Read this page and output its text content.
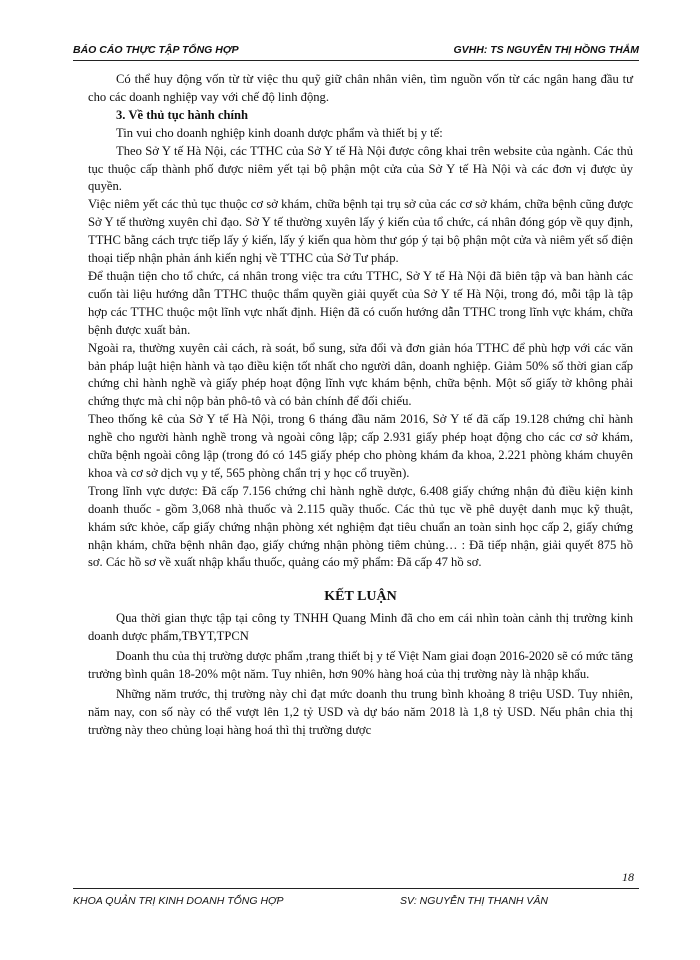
BÁO CÁO THỰC TẬP TỔNG HỢP	GVHH: TS NGUYỄN THỊ HỒNG THẮM

Có thể huy động vốn từ từ việc thu quỹ giữ chân nhân viên, tìm nguồn vốn từ các ngân hang đầu tư cho các doanh nghiệp vay với chế độ linh động.

3. Về thủ tục hành chính

Tin vui cho doanh nghiệp kinh doanh dược phẩm và thiết bị y tế:

Theo Sở Y tế Hà Nội, các TTHC của Sở Y tế Hà Nội được công khai trên website của ngành. Các thủ tục thuộc cấp thành phố được niêm yết tại bộ phận một cửa của Sở Y tế Hà Nội và các đơn vị được ủy quyền.

Việc niêm yết các thủ tục thuộc cơ sở khám, chữa bệnh tại trụ sở của các cơ sở khám, chữa bệnh cũng được Sở Y tế thường xuyên chỉ đạo. Sở Y tế thường xuyên lấy ý kiến của tổ chức, cá nhân đóng góp về quy định, TTHC bằng cách trực tiếp lấy ý kiến, lấy ý kiến qua hòm thư góp ý tại bộ phận một cửa và niêm yết số điện thoại tiếp nhận phản ánh kiến nghị về TTHC của Sở Tư pháp.

Để thuận tiện cho tổ chức, cá nhân trong việc tra cứu TTHC, Sở Y tế Hà Nội đã biên tập và ban hành các cuốn tài liệu hướng dẫn TTHC thuộc thẩm quyền giải quyết của Sở Y tế Hà Nội, trong đó, mỗi tập là tập hợp các TTHC thuộc một lĩnh vực nhất định. Hiện đã có cuốn hướng dẫn TTHC trong lĩnh vực khám, chữa bệnh được xuất bản.

Ngoài ra, thường xuyên cải cách, rà soát, bổ sung, sửa đổi và đơn giản hóa TTHC để phù hợp với các văn bản pháp luật hiện hành và tạo điều kiện tốt nhất cho người dân, doanh nghiệp. Giảm 50% số thời gian cấp chứng chỉ hành nghề và giấy phép hoạt động lĩnh vực khám bệnh, chữa bệnh. Một số giấy tờ không phải chứng thực mà chỉ nộp bản phô-tô và có bản chính để đối chiếu.

Theo thống kê của Sở Y tế Hà Nội, trong 6 tháng đầu năm 2016, Sở Y tế đã cấp 19.128 chứng chỉ hành nghề cho người hành nghề trong và ngoài công lập; cấp 2.931 giấy phép hoạt động cho các cơ sở khám, chữa bệnh ngoài công lập (trong đó có 145 giấy phép cho phòng khám đa khoa, 2.221 phòng khám chuyên khoa và cơ sở dịch vụ y tế, 565 phòng chẩn trị y học cổ truyền).

Trong lĩnh vực dược: Đã cấp 7.156 chứng chỉ hành nghề dược, 6.408 giấy chứng nhận đủ điều kiện kinh doanh thuốc - gồm 3,068 nhà thuốc và 2.115 quầy thuốc. Các thủ tục về phê duyệt danh mục kỹ thuật, khám sức khỏe, cấp giấy chứng nhận phòng xét nghiệm đạt tiêu chuẩn an toàn sinh học cấp 2, giấy chứng nhận khám, chữa bệnh nhân đạo, giấy chứng nhận phòng tiêm chủng… : Đã tiếp nhận, giải quyết 875 hồ sơ. Các hồ sơ về xuất nhập khẩu thuốc, quảng cáo mỹ phẩm: Đã cấp 47 hồ sơ.

KẾT LUẬN

Qua thời gian thực tập tại công ty TNHH Quang Minh đã cho em cái nhìn toàn cảnh thị trường kinh doanh dược phẩm,TBYT,TPCN

Doanh thu của thị trường dược phẩm ,trang thiết bị y tế Việt Nam giai đoạn 2016-2020 sẽ có mức tăng trưởng bình quân 18-20% một năm. Tuy nhiên, hơn 90% hàng hoá của thị trường này là nhập khẩu.

Những năm trước, thị trường này chỉ đạt mức doanh thu trung bình khoảng 8 triệu USD. Tuy nhiên, năm nay, con số này có thể vượt lên 1,2 tỷ USD và dự báo năm 2018 là 1,8 tỷ USD. Nếu phân chia thị trường này theo chủng loại hàng hoá thì thị trường dược

18
KHOA QUẢN TRỊ KINH DOANH TỔNG HỢP	SV: NGUYỄN THỊ THANH VÂN
